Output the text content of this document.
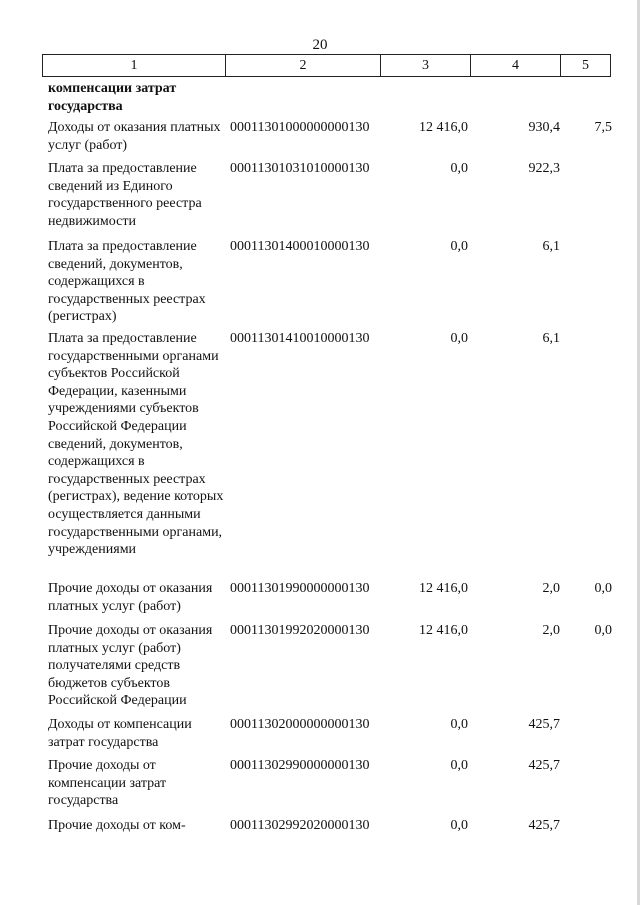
20
1	2	3	4	5
компенсации затрат государства
Доходы от оказания платных услуг (работ)
00011301000000000130	12 416,0	930,4	7,5
Плата за предоставление сведений из Единого государственного реестра недвижимости
00011301031010000130	0,0	922,3
Плата за предоставление сведений, документов, содержащихся в государственных реестрах (регистрах)
00011301400010000130	0,0	6,1
Плата за предоставление государственными органами субъектов Российской Федерации, казенными учреждениями субъектов Российской Федерации сведений, документов, содержащихся в государственных реестрах (регистрах), ведение которых осуществляется данными государственными органами, учреждениями
00011301410010000130	0,0	6,1
Прочие доходы от оказания платных услуг (работ)
00011301990000000130	12 416,0	2,0	0,0
Прочие доходы от оказания платных услуг (работ) получателями средств бюджетов субъектов Российской Федерации
00011301992020000130	12 416,0	2,0	0,0
Доходы от компенсации затрат государства
00011302000000000130	0,0	425,7
Прочие доходы от компенсации затрат государства
00011302990000000130	0,0	425,7
Прочие доходы от ком-	00011302992020000130	0,0	425,7
